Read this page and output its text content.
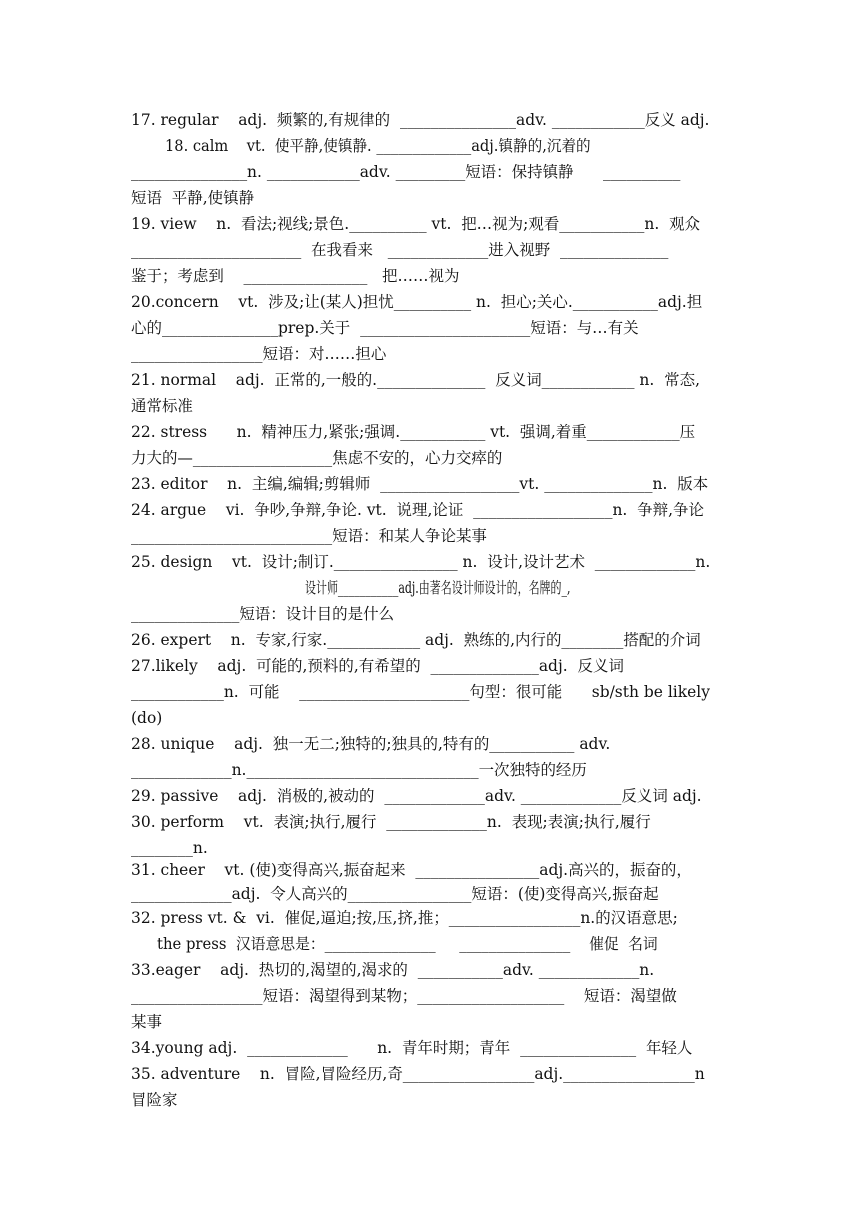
17. regular    adj.  频繁的,有规律的  _______________adv. ____________反义 adj.
18. calm    vt.  使平静,使镇静. _____________adj.镇静的,沉着的
_______________n. ____________adv. _________短语：保持镇静      __________
短语  平静,使镇静
19. view    n.  看法;视线;景色.__________ vt.  把…视为;观看___________n.  观众
______________________  在我看来   _____________进入视野  ______________
鉴于；考虑到    ________________   把……视为
20.concern    vt.  涉及;让(某人)担忧__________ n.  担心;关心.___________adj.担
心的_______________prep.关于  ______________________短语：与…有关
_________________短语：对……担心
21. normal    adj.  正常的,一般的.______________  反义词____________ n.  常态,
通常标准
22. stress      n.  精神压力,紧张;强调.___________ vt.  强调,着重____________压
力大的—__________________焦虑不安的，心力交瘁的
23. editor    n.  主编,编辑;剪辑师  __________________vt. ______________n.  版本
24. argue    vi.  争吵,争辩,争论. vt.  说理,论证  __________________n.  争辩,争论
__________________________短语：和某人争论某事
25. design    vt.  设计;制订.________________ n.  设计,设计艺术  _____________n.
设计师___________adj.由著名设计师设计的，名牌的_,
______________短语：设计目的是什么
26. expert    n.  专家,行家.____________ adj.  熟练的,内行的________搭配的介词
27.likely    adj.  可能的,预料的,有希望的  ______________adj.  反义词
____________n.  可能    ______________________句型：很可能      sb/sth be likely
(do)
28. unique    adj.  独一无二;独特的;独具的,特有的___________ adv.
_____________n.______________________________一次独特的经历
29. passive    adj.  消极的,被动的  _____________adv. _____________反义词 adj.
30. perform    vt.  表演;执行,履行  _____________n.  表现;表演;执行,履行
________n.
31. cheer    vt. (使)变得高兴,振奋起来  ________________adj.高兴的，振奋的，
_____________adj.  令人高兴的________________短语：(使)变得高兴,振奋起
32. press vt. &  vi.  催促,逼迫;按,压,挤,推；_________________n.的汉语意思;
the press  汉语意思是：_______________     _______________    催促  名词
33.eager    adj.  热切的,渴望的,渴求的  ___________adv. _____________n.
_________________短语：渴望得到某物；___________________    短语：渴望做
某事
34.young adj.  _____________      n.  青年时期；青年  _______________  年轻人
35. adventure    n.  冒险,冒险经历,奇_________________adj._________________n
冒险家
